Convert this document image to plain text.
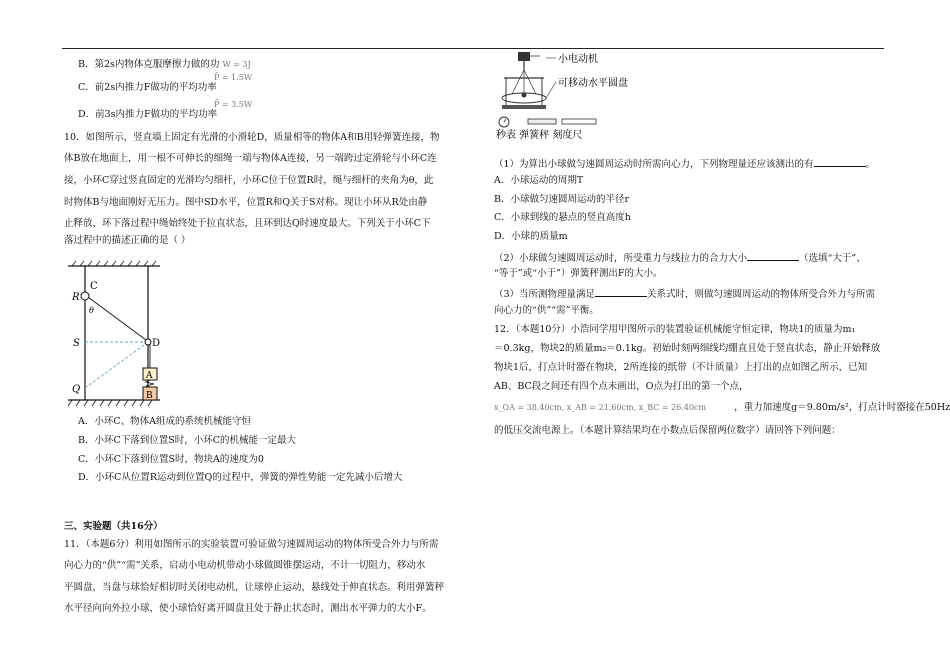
B．第2s内物体克服摩擦力做的功 W = 3J
P̄ = 1.5W
C．前2s内推力F做功的平均功率
P̄ = 3.5W
D．前3s内推力F做功的平均功率
10．如图所示，竖直墙上固定有光滑的小滑轮D，质量相等的物体A和B用轻弹簧连接，物
体B放在地面上，用一根不可伸长的细绳一端与物体A连接，另一端跨过定滑轮与小环C连
接，小环C穿过竖直固定的光滑均匀细杆，小环C位于位置R时，绳与细杆的夹角为θ，此
时物体B与地面刚好无压力。图中SD水平，位置R和Q关于S对称。现让小环从R处由静
止释放，环下落过程中绳始终处于拉直状态，且环到达Q时速度最大。下列关于小环C下
落过程中的描述正确的是（ ）
C
R
θ
S	D
Q
A
B
A．小环C、物体A组成的系统机械能守恒
B．小环C下落到位置S时，小环C的机械能一定最大
C．小环C下落到位置S时，物块A的速度为0
D．小环C从位置R运动到位置Q的过程中，弹簧的弹性势能一定先减小后增大
三、实验题（共16分）
11．（本题6分）利用如图所示的实验装置可验证做匀速圆周运动的物体所受合外力与所需
向心力的“供”“需”关系，启动小电动机带动小球做圆锥摆运动，不计一切阻力，移动水
平圆盘，当盘与球恰好相切时关闭电动机，让球停止运动，悬线处于伸直状态。利用弹簧秤
水平径向向外拉小球，使小球恰好离开圆盘且处于静止状态时，测出水平弹力的大小F。
小电动机
可移动水平圆盘
秒表 弹簧秤 刻度尺
（1）为算出小球做匀速圆周运动时所需向心力，下列物理量还应该测出的有	。
A．小球运动的周期T
B．小球做匀速圆周运动的半径r
C．小球到线的悬点的竖直高度h
D．小球的质量m
（2）小球做匀速圆周运动时，所受重力与线拉力的合力大小	（选填“大于”、
“等于”或“小于”）弹簧秤测出F的大小。
（3）当所测物理量满足	关系式时，则做匀速圆周运动的物体所受合外力与所需
向心力的“供”“需”平衡。
12．（本题10分）小浩同学用甲图所示的装置验证机械能守恒定律，物块1的质量为m₁
＝0.3kg，物块2的质量m₂＝0.1kg。初始时刻两细线均绷直且处于竖直状态，静止开始释放
物块1后，打点计时器在物块，2所连接的纸带（不计质量）上打出的点如图乙所示，已知
AB、BC段之间还有四个点未画出，O点为打出的第一个点，
x_OA = 38.40cm, x_AB = 21.60cm, x_BC = 26.40cm	，重力加速度g＝9.80m/s²，打点计时器接在50Hz
的低压交流电源上。（本题计算结果均在小数点后保留两位数字）请回答下列问题：
